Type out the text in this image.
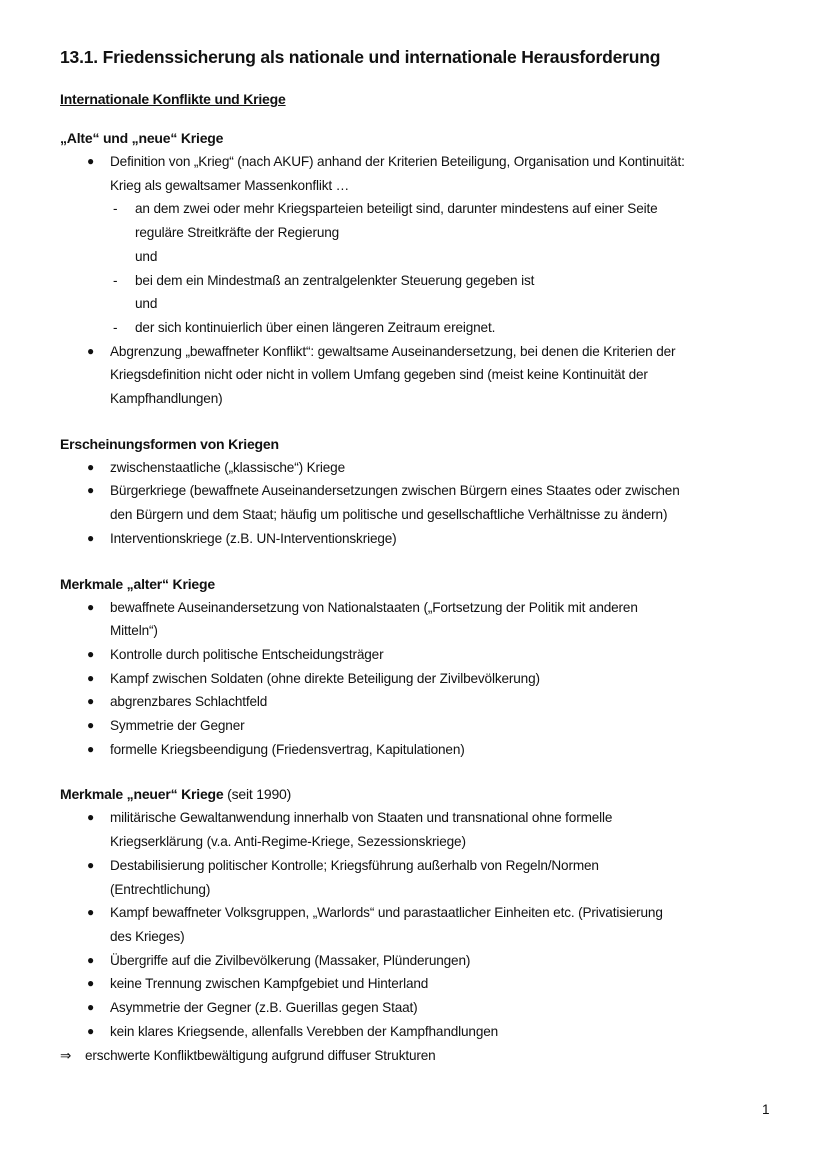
13.1. Friedenssicherung als nationale und internationale Herausforderung
Internationale Konflikte und Kriege
„Alte“ und „neue“ Kriege
● Definition von „Krieg“ (nach AKUF) anhand der Kriterien Beteiligung, Organisation und Kontinuität:
Krieg als gewaltsamer Massenkonflikt …
- an dem zwei oder mehr Kriegsparteien beteiligt sind, darunter mindestens auf einer Seite
reguläre Streitkräfte der Regierung
und
- bei dem ein Mindestmaß an zentralgelenkter Steuerung gegeben ist
und
- der sich kontinuierlich über einen längeren Zeitraum ereignet.
● Abgrenzung „bewaffneter Konflikt“: gewaltsame Auseinandersetzung, bei denen die Kriterien der
Kriegsdefinition nicht oder nicht in vollem Umfang gegeben sind (meist keine Kontinuität der
Kampfhandlungen)
Erscheinungsformen von Kriegen
● zwischenstaatliche („klassische“) Kriege
● Bürgerkriege (bewaffnete Auseinandersetzungen zwischen Bürgern eines Staates oder zwischen
den Bürgern und dem Staat; häufig um politische und gesellschaftliche Verhältnisse zu ändern)
● Interventionskriege (z.B. UN-Interventionskriege)
Merkmale „alter“ Kriege
● bewaffnete Auseinandersetzung von Nationalstaaten („Fortsetzung der Politik mit anderen
Mitteln“)
● Kontrolle durch politische Entscheidungsträger
● Kampf zwischen Soldaten (ohne direkte Beteiligung der Zivilbevölkerung)
● abgrenzbares Schlachtfeld
● Symmetrie der Gegner
● formelle Kriegsbeendigung (Friedensvertrag, Kapitulationen)
Merkmale „neuer“ Kriege (seit 1990)
● militärische Gewaltanwendung innerhalb von Staaten und transnational ohne formelle
Kriegserklärung (v.a. Anti-Regime-Kriege, Sezessionskriege)
● Destabilisierung politischer Kontrolle; Kriegsführung außerhalb von Regeln/Normen
(Entrechtlichung)
● Kampf bewaffneter Volksgruppen, „Warlords“ und parastaatlicher Einheiten etc. (Privatisierung
des Krieges)
● Übergriffe auf die Zivilbevölkerung (Massaker, Plünderungen)
● keine Trennung zwischen Kampfgebiet und Hinterland
● Asymmetrie der Gegner (z.B. Guerillas gegen Staat)
● kein klares Kriegsende, allenfalls Verebben der Kampfhandlungen
⇒ erschwerte Konfliktbewältigung aufgrund diffuser Strukturen
1
